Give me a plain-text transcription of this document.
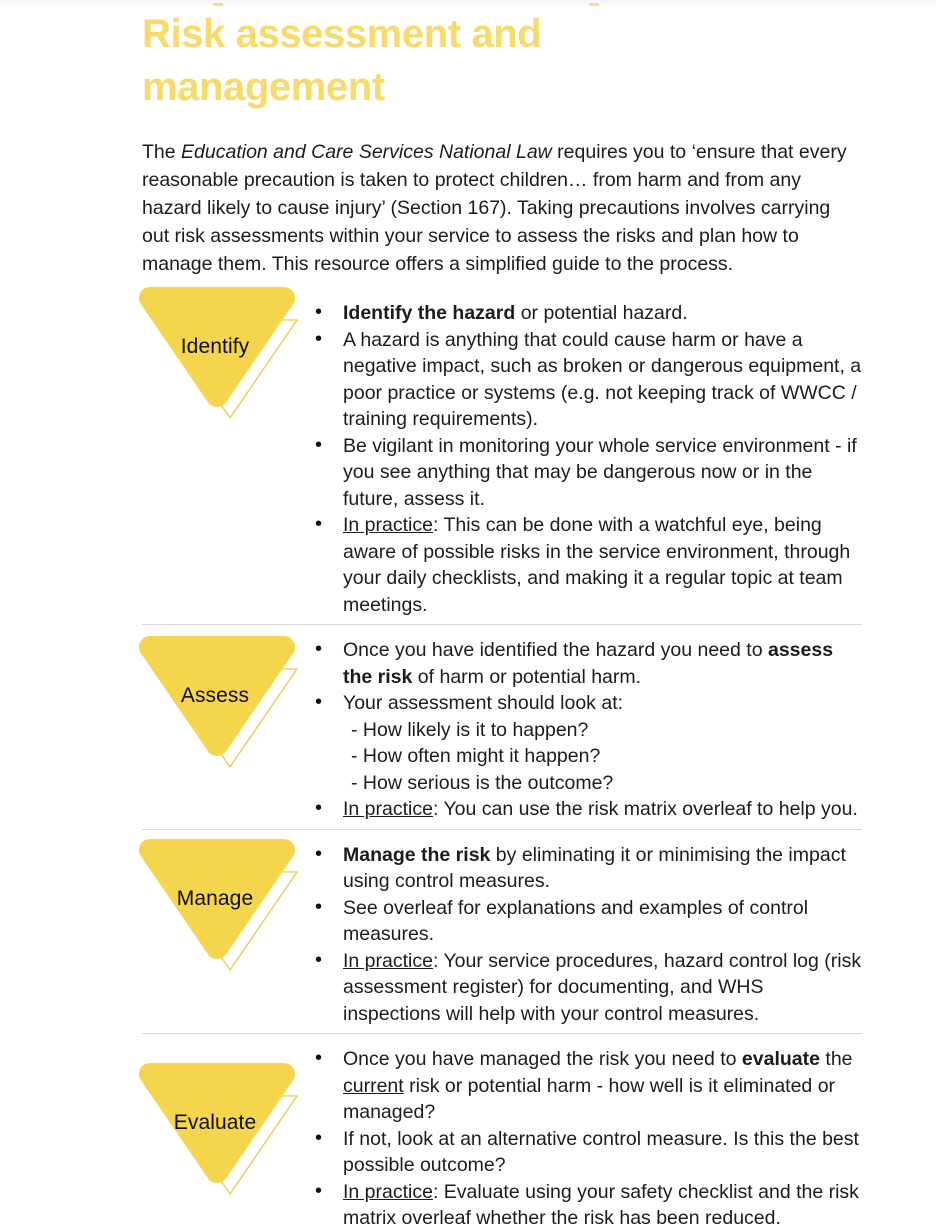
Risk assessment and management

The Education and Care Services National Law requires you to ‘ensure that every reasonable precaution is taken to protect children… from harm and from any hazard likely to cause injury’ (Section 167). Taking precautions involves carrying out risk assessments within your service to assess the risks and plan how to manage them. This resource offers a simplified guide to the process.

Identify
• Identify the hazard or potential hazard.
• A hazard is anything that could cause harm or have a negative impact, such as broken or dangerous equipment, a poor practice or systems (e.g. not keeping track of WWCC / training requirements).
• Be vigilant in monitoring your whole service environment - if you see anything that may be dangerous now or in the future, assess it.
• In practice: This can be done with a watchful eye, being aware of possible risks in the service environment, through your daily checklists, and making it a regular topic at team meetings.
Assess
• Once you have identified the hazard you need to assess the risk of harm or potential harm.
• Your assessment should look at:
- How likely is it to happen?
- How often might it happen?
- How serious is the outcome?
• In practice: You can use the risk matrix overleaf to help you.
Manage
• Manage the risk by eliminating it or minimising the impact using control measures.
• See overleaf for explanations and examples of control measures.
• In practice: Your service procedures, hazard control log (risk assessment register) for documenting, and WHS inspections will help with your control measures.
Evaluate
• Once you have managed the risk you need to evaluate the current risk or potential harm - how well is it eliminated or managed?
• If not, look at an alternative control measure. Is this the best possible outcome?
• In practice: Evaluate using your safety checklist and the risk matrix overleaf whether the risk has been reduced.
